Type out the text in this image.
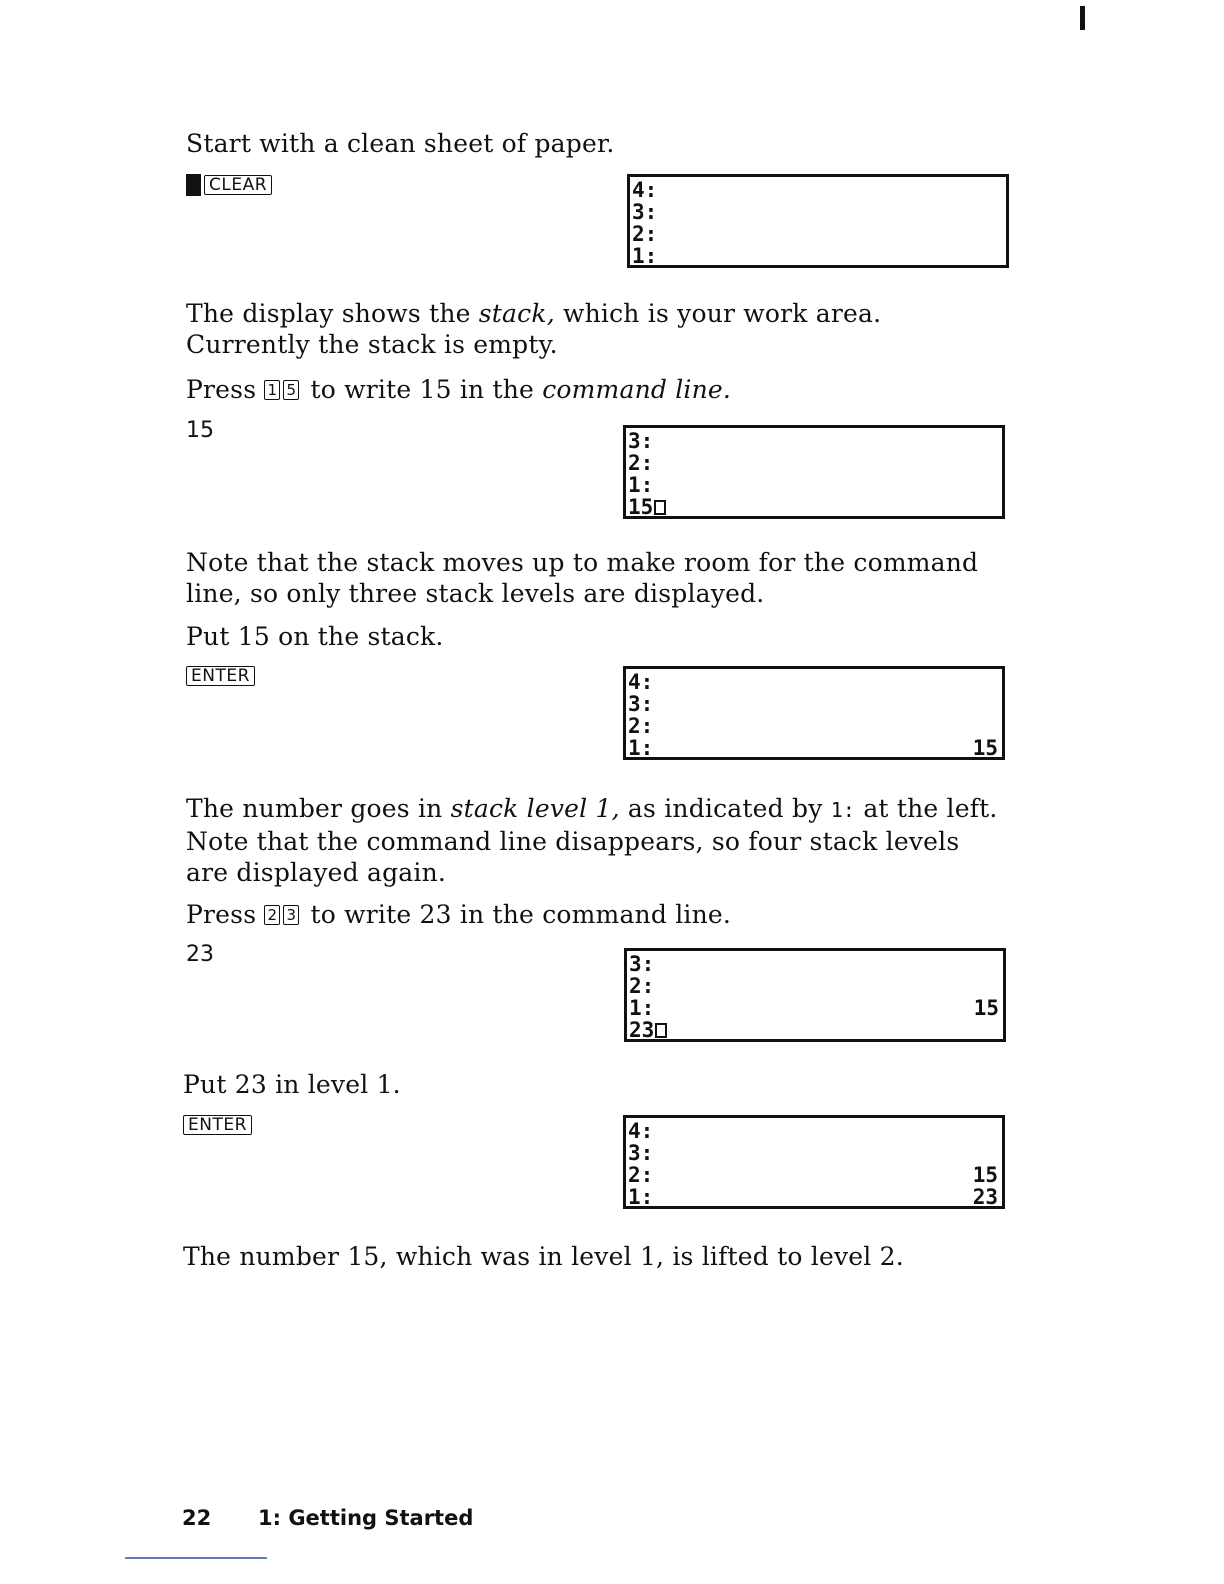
Start with a clean sheet of paper.
CLEAR	4:
3:
2:
1:
The display shows the stack, which is your work area. Currently the stack is empty.
Press 1 5 to write 15 in the command line.
15	3:
2:
1:
15
Note that the stack moves up to make room for the command line, so only three stack levels are displayed.
Put 15 on the stack.
ENTER	4:
3:
2:
1:	15
The number goes in stack level 1, as indicated by 1: at the left. Note that the command line disappears, so four stack levels are displayed again.
Press 2 3 to write 23 in the command line.
23	3:
2:
1:	15
23
Put 23 in level 1.
ENTER	4:
3:
2:	15
1:	23
The number 15, which was in level 1, is lifted to level 2.
22 1: Getting Started
